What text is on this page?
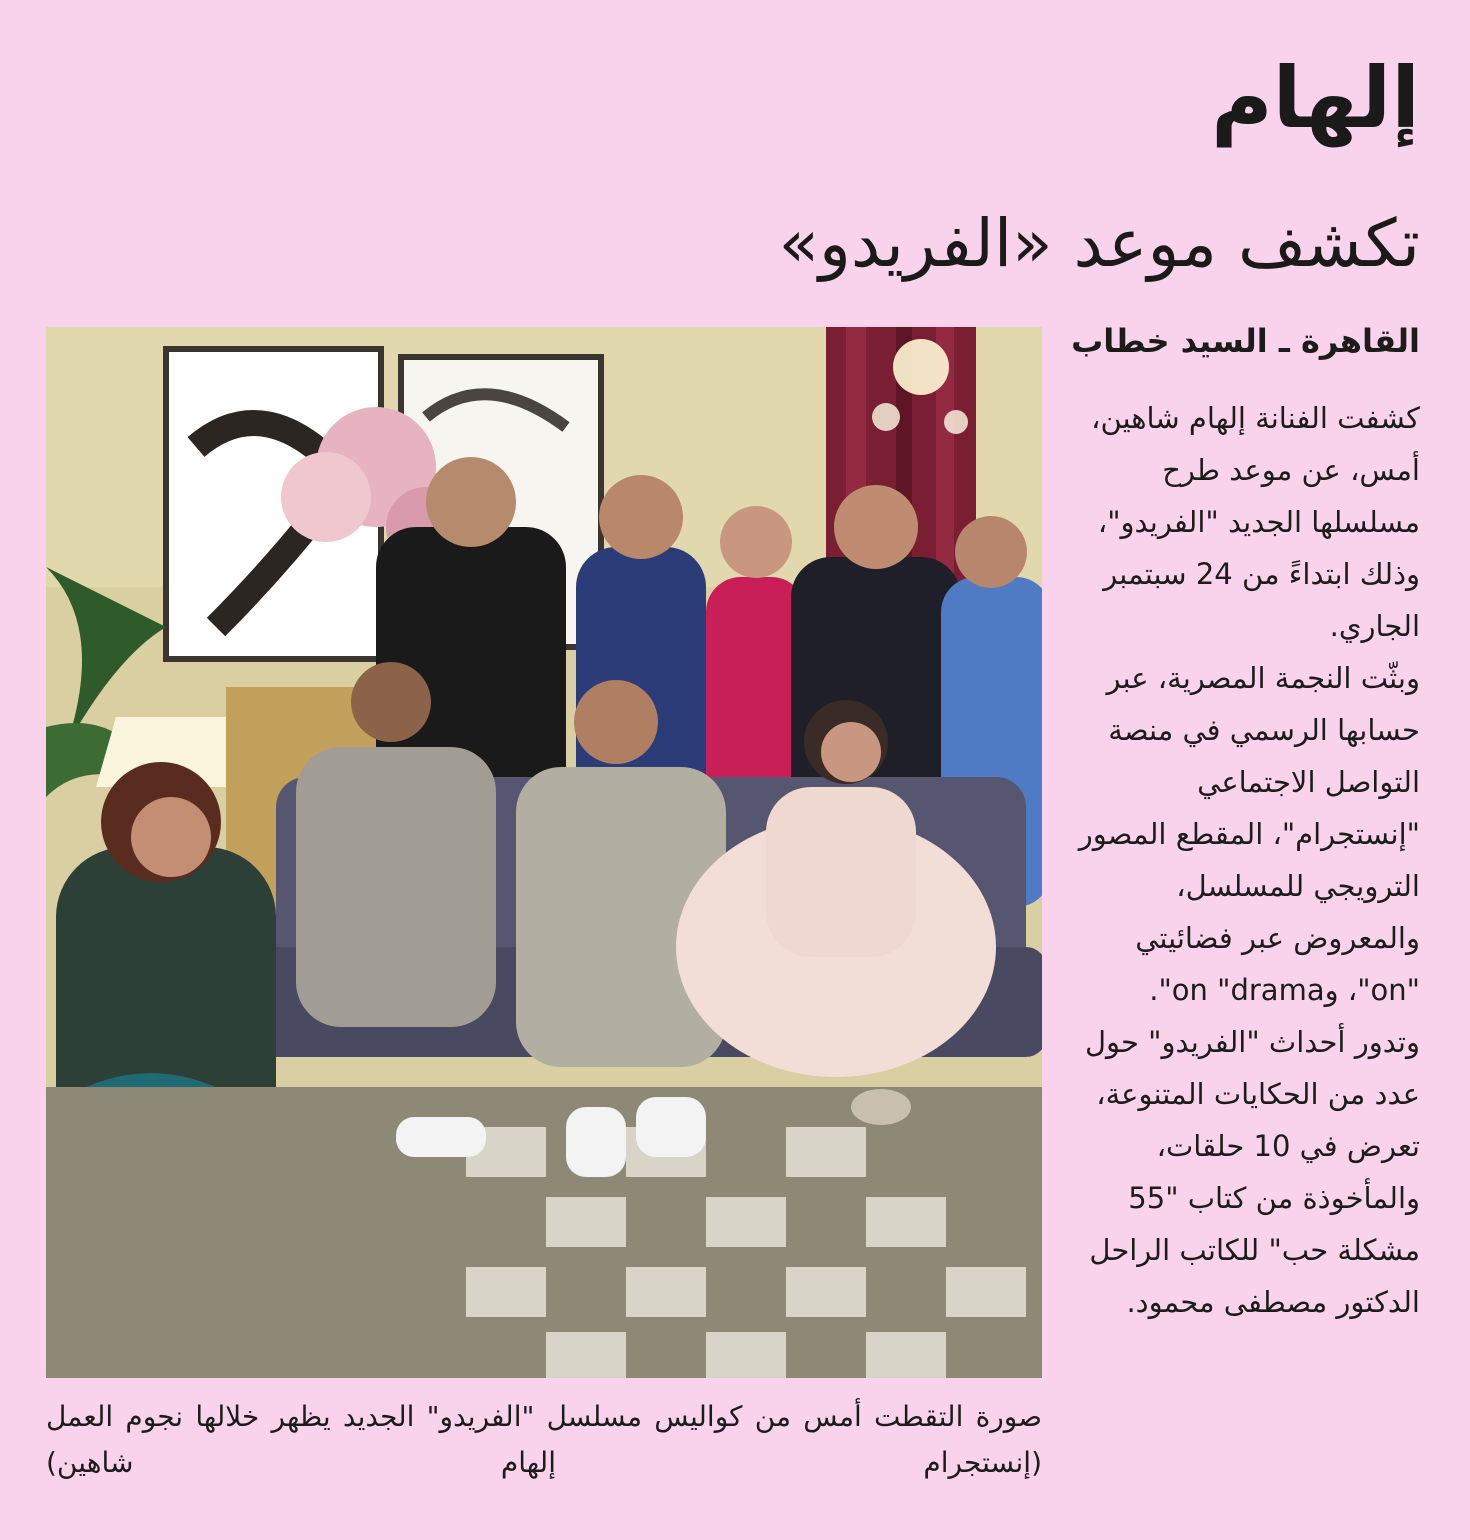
إلهام
تكشف موعد «الفريدو»
القاهرة ـ السيد خطاب

كشفت الفنانة إلهام شاهين، أمس، عن موعد طرح مسلسلها الجديد "الفريدو"، وذلك ابتداءً من 24 سبتمبر الجاري.

وبثّت النجمة المصرية، عبر حسابها الرسمي في منصة التواصل الاجتماعي "إنستجرام"، المقطع المصور الترويجي للمسلسل، والمعروض عبر فضائيتي "on"، وon "drama".

وتدور أحداث "الفريدو" حول عدد من الحكايات المتنوعة، تعرض في 10 حلقات، والمأخوذة من كتاب "55 مشكلة حب" للكاتب الراحل الدكتور مصطفى محمود.

صورة التقطت أمس من كواليس مسلسل "الفريدو" الجديد يظهر خلالها نجوم العمل (إنستجرام إلهام شاهين)
